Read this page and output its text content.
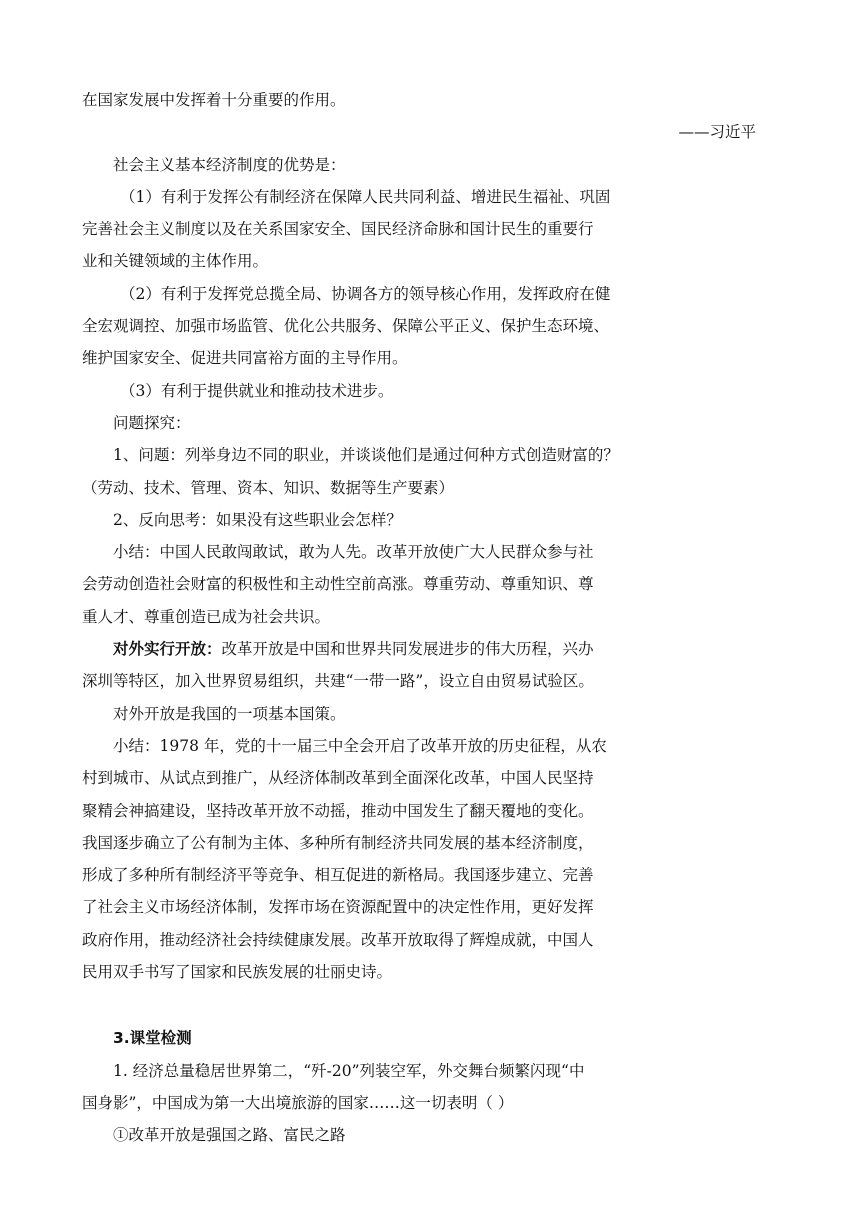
在国家发展中发挥着十分重要的作用。

——习近平

社会主义基本经济制度的优势是：

（1）有利于发挥公有制经济在保障人民共同利益、增进民生福祉、巩固

完善社会主义制度以及在关系国家安全、国民经济命脉和国计民生的重要行

业和关键领域的主体作用。

（2）有利于发挥党总揽全局、协调各方的领导核心作用，发挥政府在健

全宏观调控、加强市场监管、优化公共服务、保障公平正义、保护生态环境、

维护国家安全、促进共同富裕方面的主导作用。

（3）有利于提供就业和推动技术进步。

问题探究：

1、问题：列举身边不同的职业，并谈谈他们是通过何种方式创造财富的？

（劳动、技术、管理、资本、知识、数据等生产要素）

2、反向思考：如果没有这些职业会怎样？

小结：中国人民敢闯敢试，敢为人先。改革开放使广大人民群众参与社

会劳动创造社会财富的积极性和主动性空前高涨。尊重劳动、尊重知识、尊

重人才、尊重创造已成为社会共识。

对外实行开放：改革开放是中国和世界共同发展进步的伟大历程，兴办

深圳等特区，加入世界贸易组织，共建“一带一路”，设立自由贸易试验区。

对外开放是我国的一项基本国策。

小结：1978 年，党的十一届三中全会开启了改革开放的历史征程，从农

村到城市、从试点到推广，从经济体制改革到全面深化改革，中国人民坚持

聚精会神搞建设，坚持改革开放不动摇，推动中国发生了翻天覆地的变化。

我国逐步确立了公有制为主体、多种所有制经济共同发展的基本经济制度，

形成了多种所有制经济平等竞争、相互促进的新格局。我国逐步建立、完善

了社会主义市场经济体制，发挥市场在资源配置中的决定性作用，更好发挥

政府作用，推动经济社会持续健康发展。改革开放取得了辉煌成就，中国人

民用双手书写了国家和民族发展的壮丽史诗。

3.课堂检测

1. 经济总量稳居世界第二，“歼-20”列装空军，外交舞台频繁闪现“中

国身影”，中国成为第一大出境旅游的国家……这一切表明（ ）

①改革开放是强国之路、富民之路
